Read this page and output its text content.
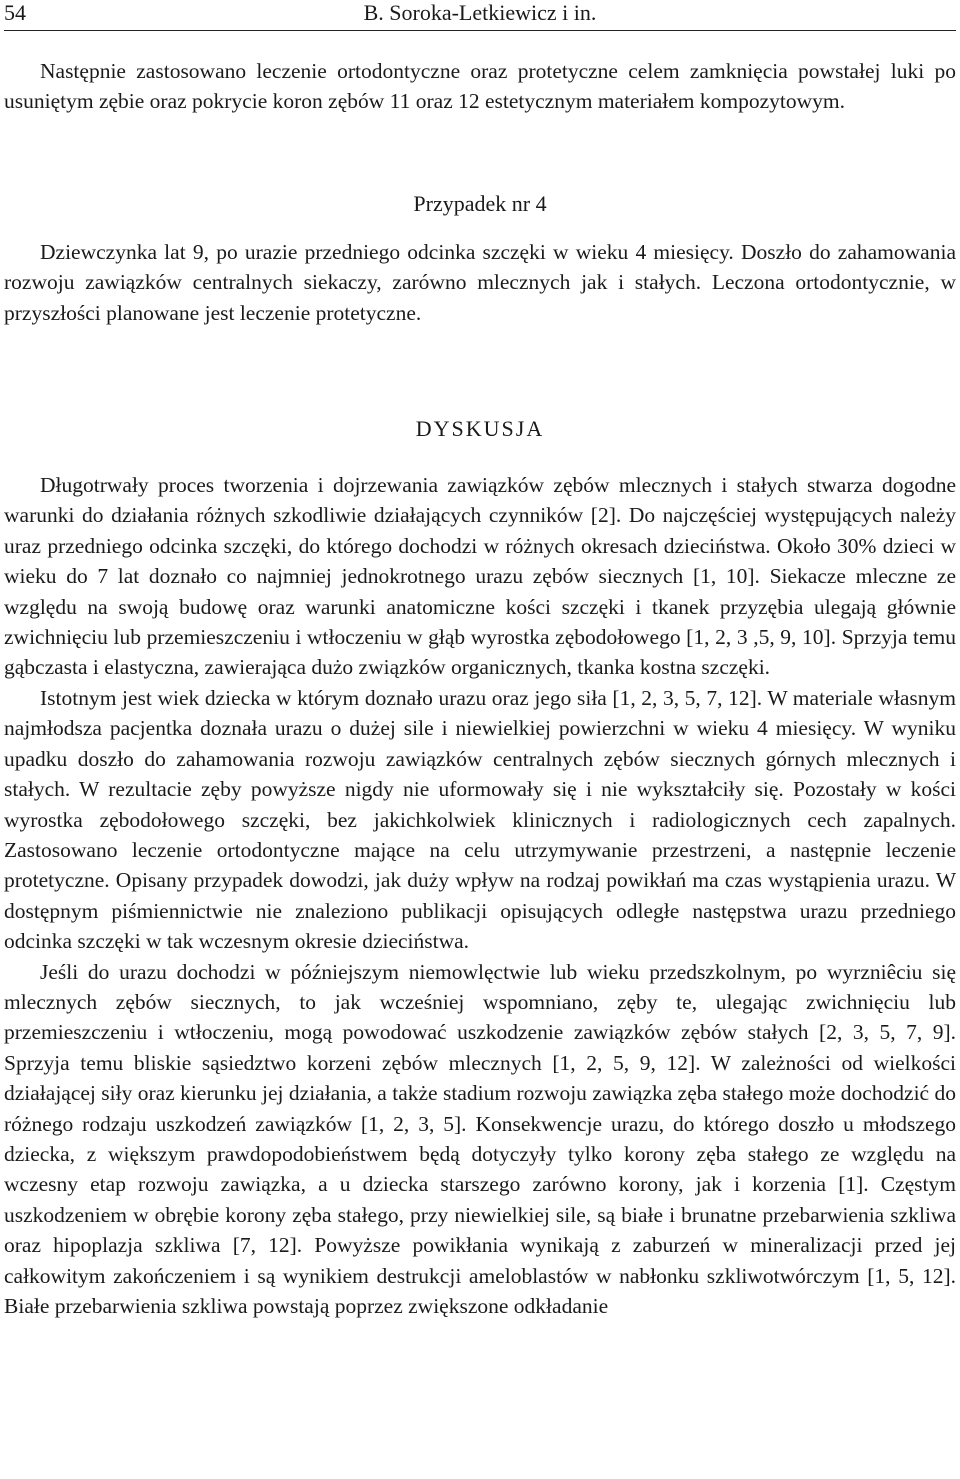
54	B. Soroka-Letkiewicz i in.

Następnie zastosowano leczenie ortodontyczne oraz protetyczne celem zamknięcia powstałej luki po usuniętym zębie oraz pokrycie koron zębów 11 oraz 12 estetycznym materiałem kompozytowym.

Przypadek nr 4

Dziewczynka lat 9, po urazie przedniego odcinka szczęki w wieku 4 miesięcy. Doszło do zahamowania rozwoju zawiązków centralnych siekaczy, zarówno mlecznych jak i stałych. Leczona ortodontycznie, w przyszłości planowane jest leczenie protetyczne.

DYSKUSJA

Długotrwały proces tworzenia i dojrzewania zawiązków zębów mlecznych i stałych stwarza dogodne warunki do działania różnych szkodliwie działających czynników [2]. Do najczęściej występujących należy uraz przedniego odcinka szczęki, do którego dochodzi w różnych okresach dzieciństwa. Około 30% dzieci w wieku do 7 lat doznało co najmniej jednokrotnego urazu zębów siecznych [1, 10]. Siekacze mleczne ze względu na swoją budowę oraz warunki anatomiczne kości szczęki i tkanek przyzębia ulegają głównie zwichnięciu lub przemieszczeniu i wtłoczeniu w głąb wyrostka zębodołowego [1, 2, 3 ,5, 9, 10]. Sprzyja temu gąbczasta i elastyczna, zawierająca dużo związków organicznych, tkanka kostna szczęki.

Istotnym jest wiek dziecka w którym doznało urazu oraz jego siła [1, 2, 3, 5, 7, 12]. W materiale własnym najmłodsza pacjentka doznała urazu o dużej sile i niewielkiej powierzchni w wieku 4 miesięcy. W wyniku upadku doszło do zahamowania rozwoju zawiązków centralnych zębów siecznych górnych mlecznych i stałych. W rezultacie zęby powyższe nigdy nie uformowały się i nie wykształciły się. Pozostały w kości wyrostka zębodołowego szczęki, bez jakichkolwiek klinicznych i radiologicznych cech zapalnych. Zastosowano leczenie ortodontyczne mające na celu utrzymywanie przestrzeni, a następnie leczenie protetyczne. Opisany przypadek dowodzi, jak duży wpływ na rodzaj powikłań ma czas wystąpienia urazu. W dostępnym piśmiennictwie nie znaleziono publikacji opisujących odległe następstwa urazu przedniego odcinka szczęki w tak wczesnym okresie dzieciństwa.

Jeśli do urazu dochodzi w późniejszym niemowlęctwie lub wieku przedszkolnym, po wyrzniêciu się mlecznych zębów siecznych, to jak wcześniej wspomniano, zęby te, ulegając zwichnięciu lub przemieszczeniu i wtłoczeniu, mogą powodować uszkodzenie zawiązków zębów stałych [2, 3, 5, 7, 9]. Sprzyja temu bliskie sąsiedztwo korzeni zębów mlecznych [1, 2, 5, 9, 12]. W zależności od wielkości działającej siły oraz kierunku jej działania, a także stadium rozwoju zawiązka zęba stałego może dochodzić do różnego rodzaju uszkodzeń zawiązków [1, 2, 3, 5]. Konsekwencje urazu, do którego doszło u młodszego dziecka, z większym prawdopodobieństwem będą dotyczyły tylko korony zęba stałego ze względu na wczesny etap rozwoju zawiązka, a u dziecka starszego zarówno korony, jak i korzenia [1]. Częstym uszkodzeniem w obrębie korony zęba stałego, przy niewielkiej sile, są białe i brunatne przebarwienia szkliwa oraz hipoplazja szkliwa [7, 12]. Powyższe powikłania wynikają z zaburzeń w mineralizacji przed jej całkowitym zakończeniem i są wynikiem destrukcji ameloblastów w nabłonku szkliwotwórczym [1, 5, 12]. Białe przebarwienia szkliwa powstają poprzez zwiększone odkładanie
